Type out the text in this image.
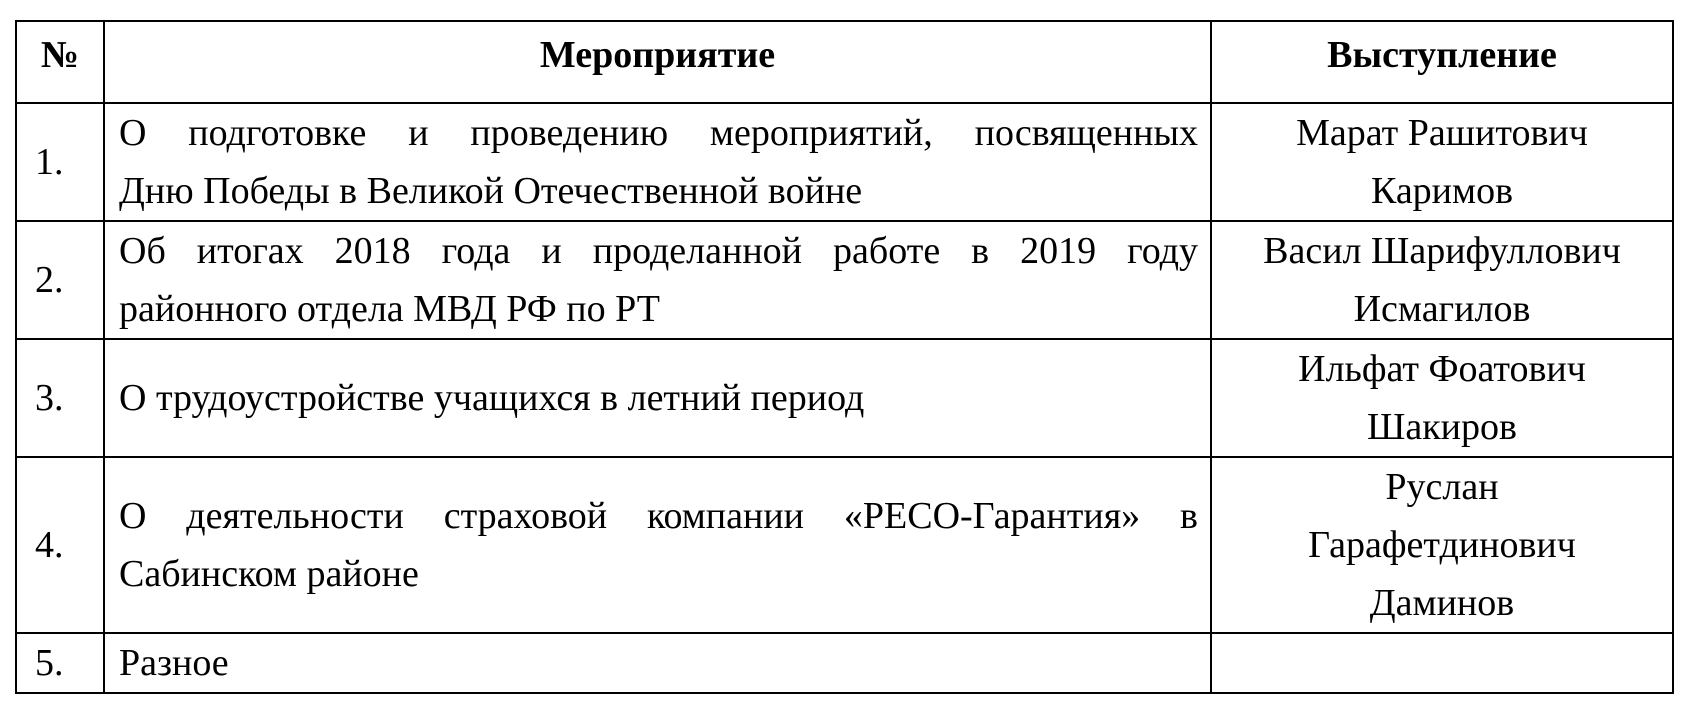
№	Мероприятие	Выступление
1.	О подготовке и проведению мероприятий, посвященных
Дню Победы в Великой Отечественной войне	Марат Рашитович
Каримов

2.	Об итогах 2018 года и проделанной работе в 2019 году
районного отдела МВД РФ по РТ	Васил Шарифуллович
Исмагилов

3.	О трудоустройстве учащихся в летний период	Ильфат Фоатович
Шакиров

4.	О деятельности страховой компании «РЕСО-Гарантия» в
Сабинском районе	Руслан
Гарафетдинович
Даминов

5.	Разное	
